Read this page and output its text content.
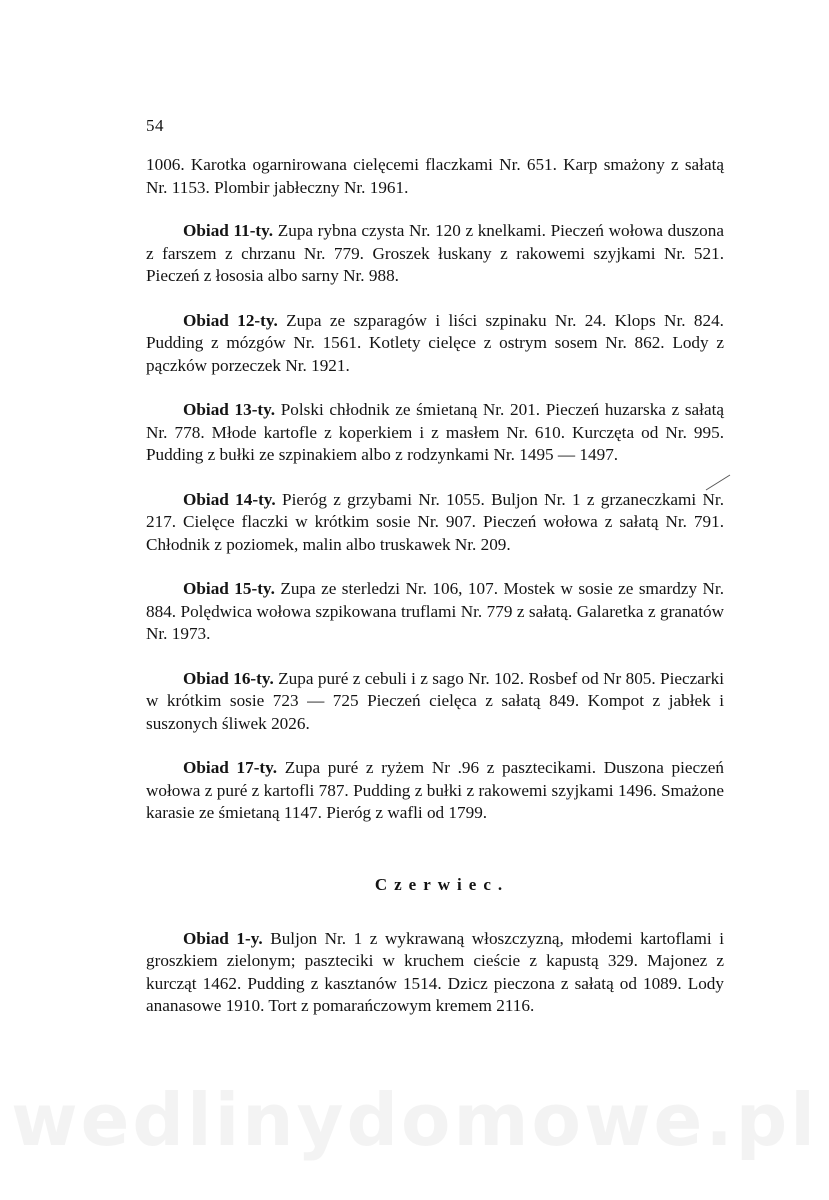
54

1006. Karotka ogarnirowana cielęcemi flaczkami Nr. 651. Karp smażony z sałatą Nr. 1153. Plombir jabłeczny Nr. 1961.

Obiad 11-ty. Zupa rybna czysta Nr. 120 z knelkami. Pieczeń wołowa duszona z farszem z chrzanu Nr. 779. Groszek łuskany z rakowemi szyjkami Nr. 521. Pieczeń z łososia albo sarny Nr. 988.

Obiad 12-ty. Zupa ze szparagów i liści szpinaku Nr. 24. Klops Nr. 824. Pudding z mózgów Nr. 1561. Kotlety cielęce z ostrym sosem Nr. 862. Lody z pączków porzeczek Nr. 1921.

Obiad 13-ty. Polski chłodnik ze śmietaną Nr. 201. Pieczeń huzarska z sałatą Nr. 778. Młode kartofle z koperkiem i z masłem Nr. 610. Kurczęta od Nr. 995. Pudding z bułki ze szpinakiem albo z rodzynkami Nr. 1495 — 1497.

Obiad 14-ty. Pieróg z grzybami Nr. 1055. Buljon Nr. 1 z grzaneczkami Nr. 217. Cielęce flaczki w krótkim sosie Nr. 907. Pieczeń wołowa z sałatą Nr. 791. Chłodnik z poziomek, malin albo truskawek Nr. 209.

Obiad 15-ty. Zupa ze sterledzi Nr. 106, 107. Mostek w sosie ze smardzy Nr. 884. Polędwica wołowa szpikowana truflami Nr. 779 z sałatą. Galaretka z granatów Nr. 1973.

Obiad 16-ty. Zupa puré z cebuli i z sago Nr. 102. Rosbef od Nr 805. Pieczarki w krótkim sosie 723 — 725 Pieczeń cielęca z sałatą 849. Kompot z jabłek i suszonych śliwek 2026.

Obiad 17-ty. Zupa puré z ryżem Nr .96 z pasztecikami. Duszona pieczeń wołowa z puré z kartofli 787. Pudding z bułki z rakowemi szyjkami 1496. Smażone karasie ze śmietaną 1147. Pieróg z wafli od 1799.

Czerwiec.

Obiad 1-y. Buljon Nr. 1 z wykrawaną włoszczyzną, młodemi kartoflami i groszkiem zielonym; paszteciki w kruchem cieście z kapustą 329. Majonez z kurcząt 1462. Pudding z kasztanów 1514. Dzicz pieczona z sałatą od 1089. Lody ananasowe 1910. Tort z pomarańczowym kremem 2116.

wedlinydomowe.pl
